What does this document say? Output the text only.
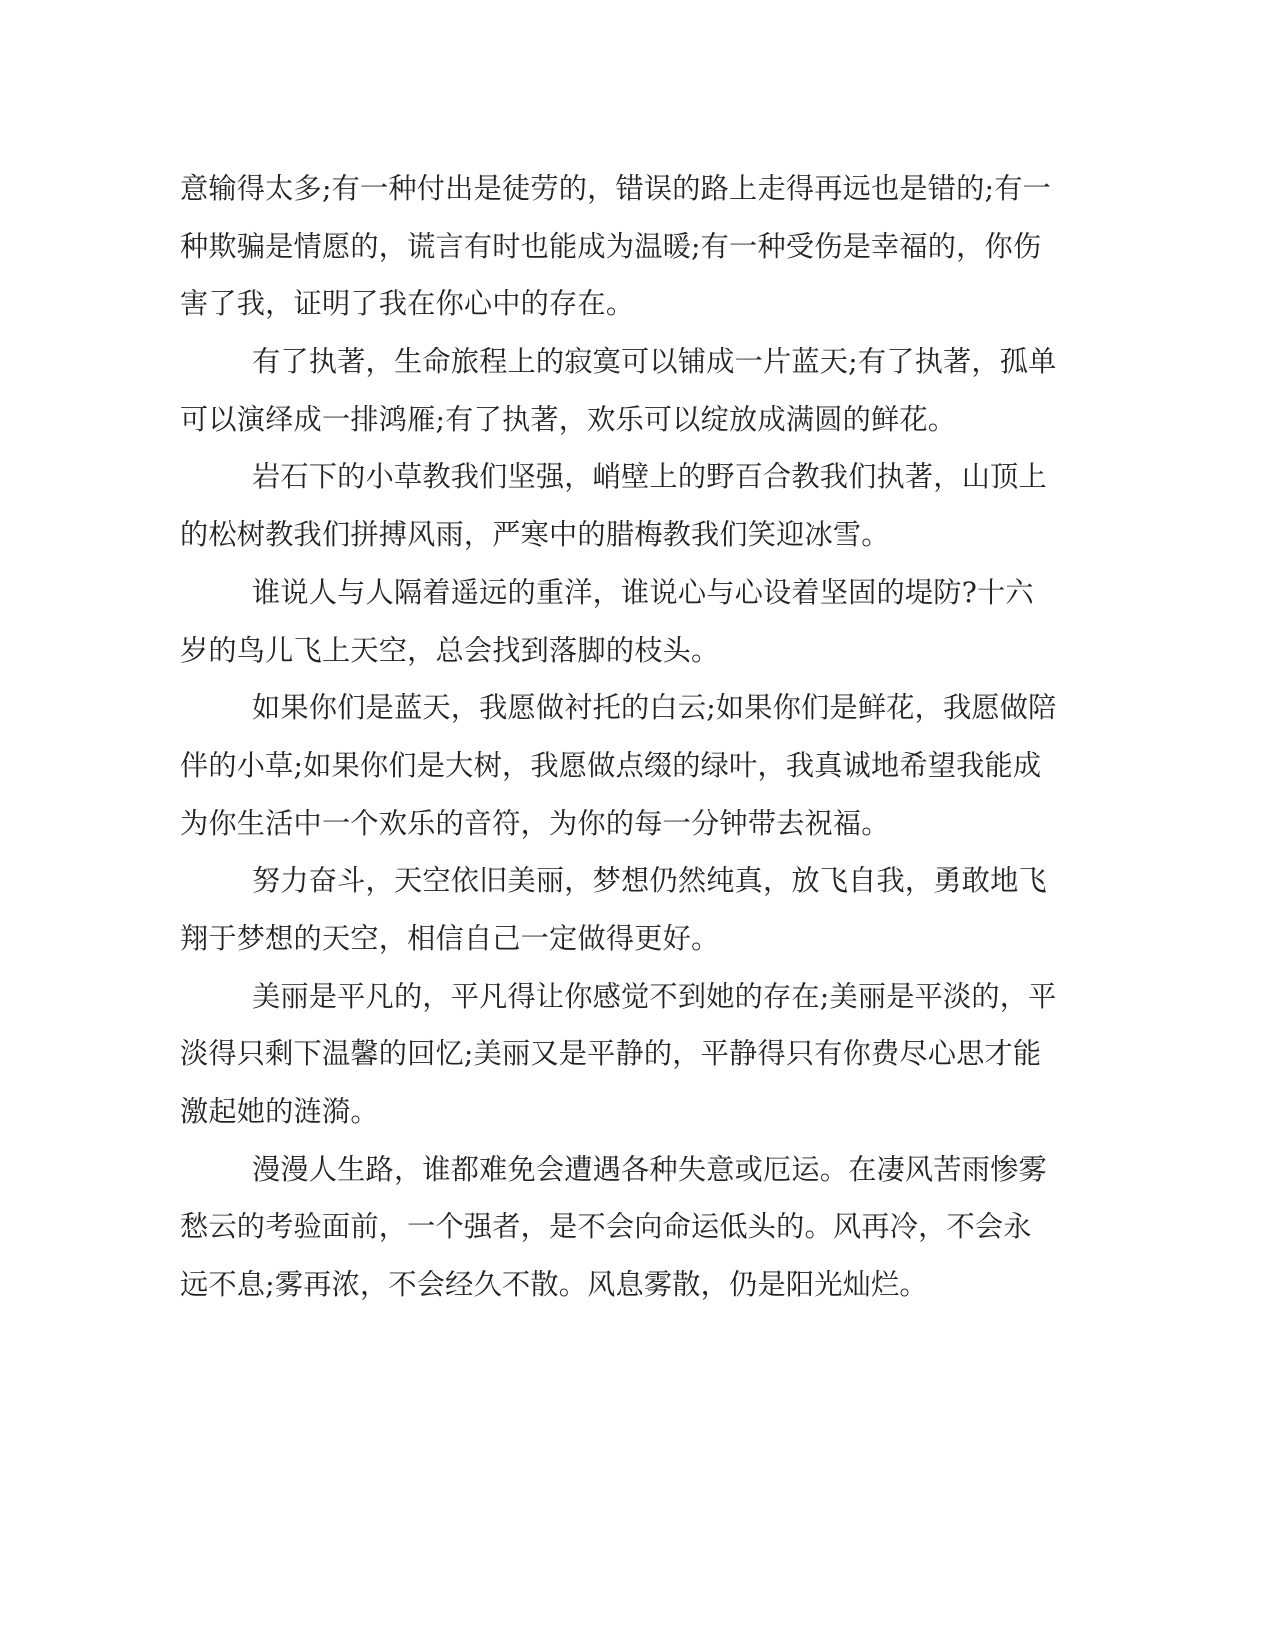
意输得太多;有一种付出是徒劳的，错误的路上走得再远也是错的;有一
种欺骗是情愿的，谎言有时也能成为温暖;有一种受伤是幸福的，你伤
害了我，证明了我在你心中的存在。
有了执著，生命旅程上的寂寞可以铺成一片蓝天;有了执著，孤单
可以演绎成一排鸿雁;有了执著，欢乐可以绽放成满圆的鲜花。
岩石下的小草教我们坚强，峭壁上的野百合教我们执著，山顶上
的松树教我们拼搏风雨，严寒中的腊梅教我们笑迎冰雪。
谁说人与人隔着遥远的重洋，谁说心与心设着坚固的堤防?十六
岁的鸟儿飞上天空，总会找到落脚的枝头。
如果你们是蓝天，我愿做衬托的白云;如果你们是鲜花，我愿做陪
伴的小草;如果你们是大树，我愿做点缀的绿叶，我真诚地希望我能成
为你生活中一个欢乐的音符，为你的每一分钟带去祝福。
努力奋斗，天空依旧美丽，梦想仍然纯真，放飞自我，勇敢地飞
翔于梦想的天空，相信自己一定做得更好。
美丽是平凡的，平凡得让你感觉不到她的存在;美丽是平淡的，平
淡得只剩下温馨的回忆;美丽又是平静的，平静得只有你费尽心思才能
激起她的涟漪。
漫漫人生路，谁都难免会遭遇各种失意或厄运。在凄风苦雨惨雾
愁云的考验面前，一个强者，是不会向命运低头的。风再冷，不会永
远不息;雾再浓，不会经久不散。风息雾散，仍是阳光灿烂。
